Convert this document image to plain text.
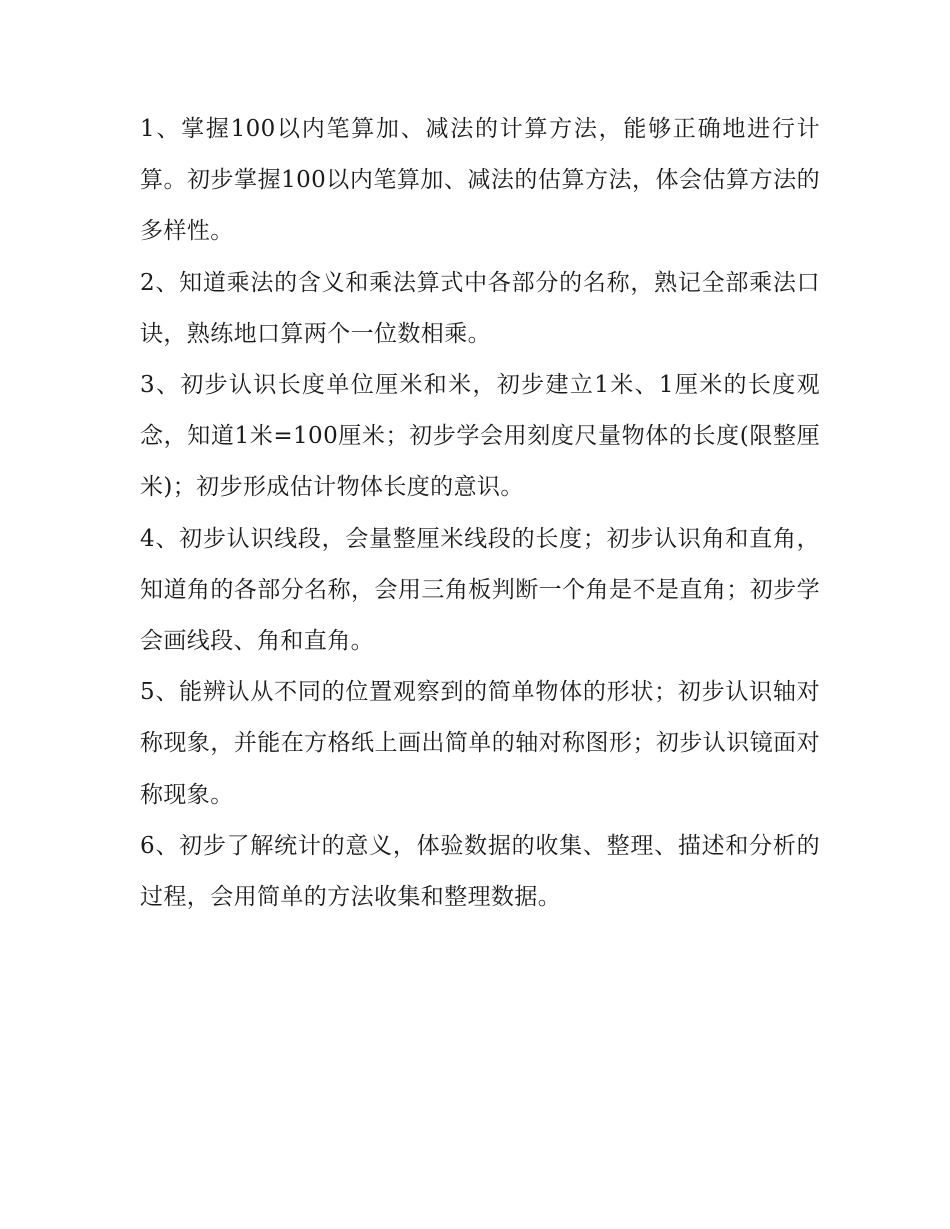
1、掌握100以内笔算加、减法的计算方法，能够正确地进行计算。初步掌握100以内笔算加、减法的估算方法，体会估算方法的多样性。

2、知道乘法的含义和乘法算式中各部分的名称，熟记全部乘法口诀，熟练地口算两个一位数相乘。

3、初步认识长度单位厘米和米，初步建立1米、1厘米的长度观念，知道1米=100厘米；初步学会用刻度尺量物体的长度(限整厘米)；初步形成估计物体长度的意识。

4、初步认识线段，会量整厘米线段的长度；初步认识角和直角，知道角的各部分名称，会用三角板判断一个角是不是直角；初步学会画线段、角和直角。

5、能辨认从不同的位置观察到的简单物体的形状；初步认识轴对称现象，并能在方格纸上画出简单的轴对称图形；初步认识镜面对称现象。

6、初步了解统计的意义，体验数据的收集、整理、描述和分析的过程，会用简单的方法收集和整理数据。
